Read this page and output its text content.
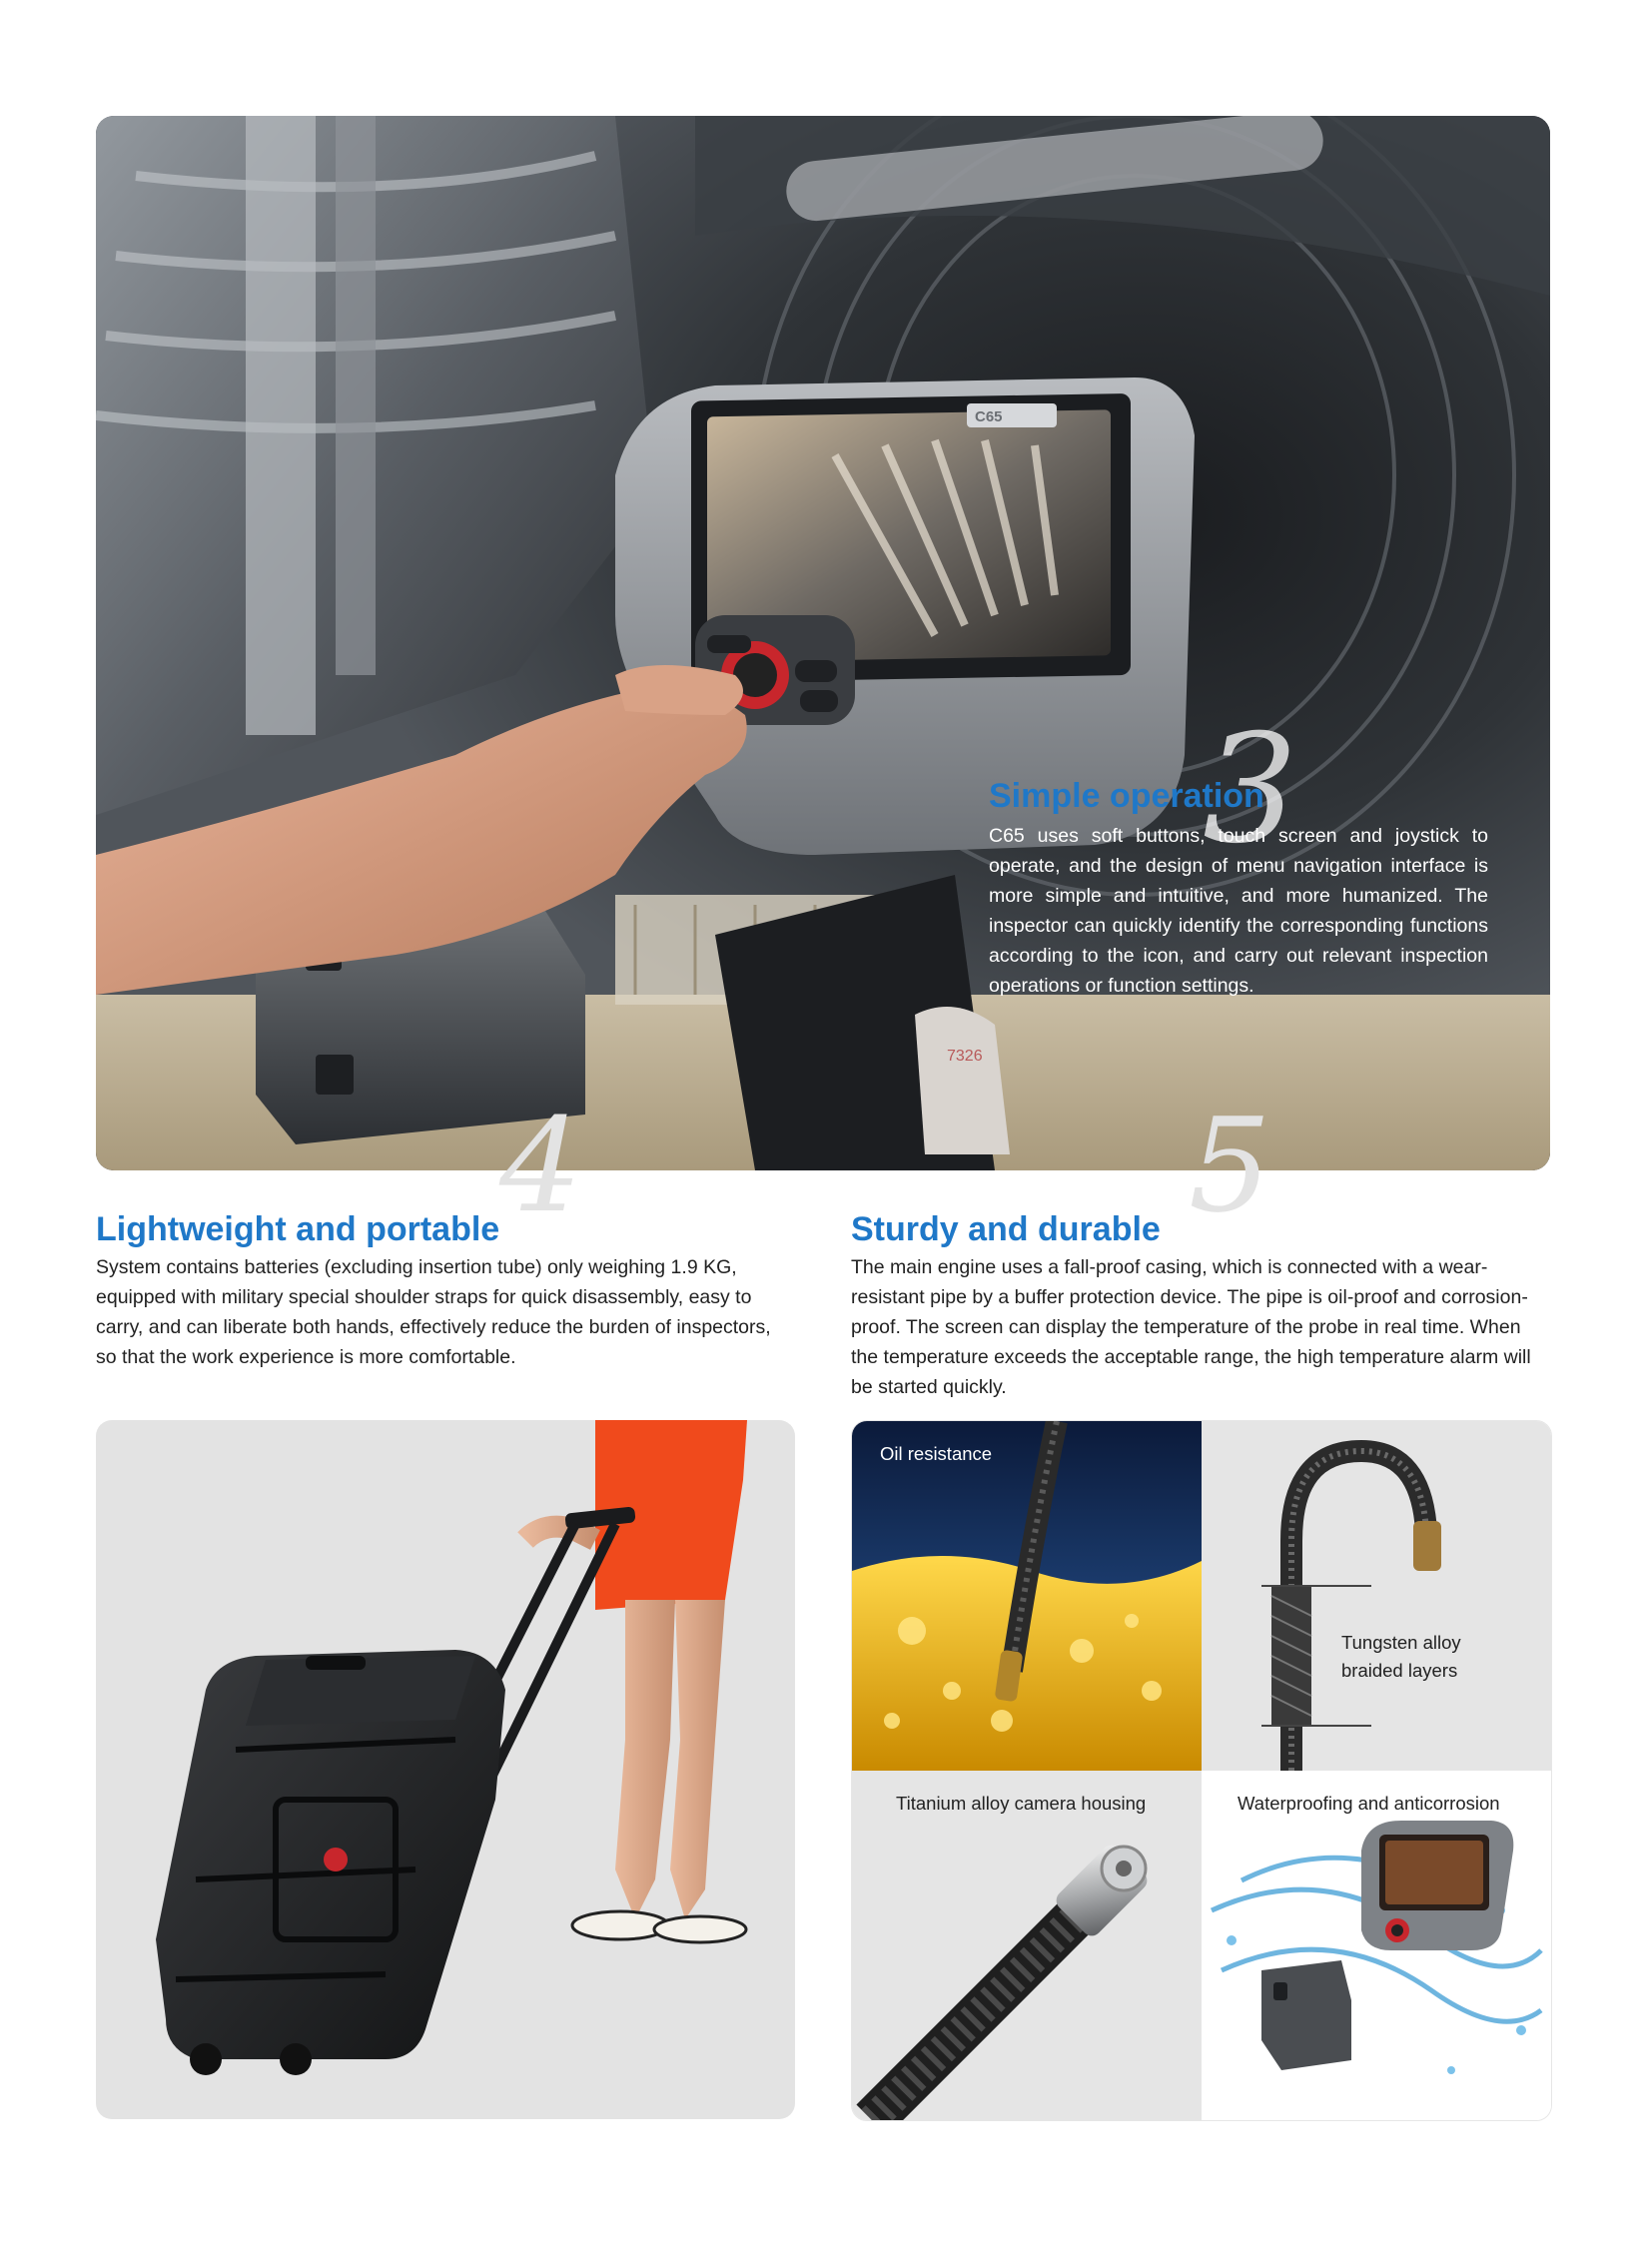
7326
C65
3
Simple operation
C65 uses soft buttons, touch screen and joystick to operate, and the design of menu navigation interface is more simple and intuitive, and more humanized. The inspector can quickly identify the corresponding functions according to the icon, and carry out relevant inspection operations or function settings.
4
Lightweight and portable
System contains batteries (excluding insertion tube) only weighing 1.9 KG, equipped with military special shoulder straps for quick disassembly, easy to carry, and can liberate both hands, effectively reduce the burden of inspectors, so that the work experience is more comfortable.
5
Sturdy and durable
The main engine uses a fall-proof casing, which is connected with a wear-resistant pipe by a buffer protection device. The pipe is oil-proof and corrosion-proof. The screen can display the temperature of the probe in real time. When the temperature exceeds the acceptable range, the high temperature alarm will be started quickly.
Oil resistance
Tungsten alloy
braided layers
Titanium alloy camera housing	Waterproofing and anticorrosion
